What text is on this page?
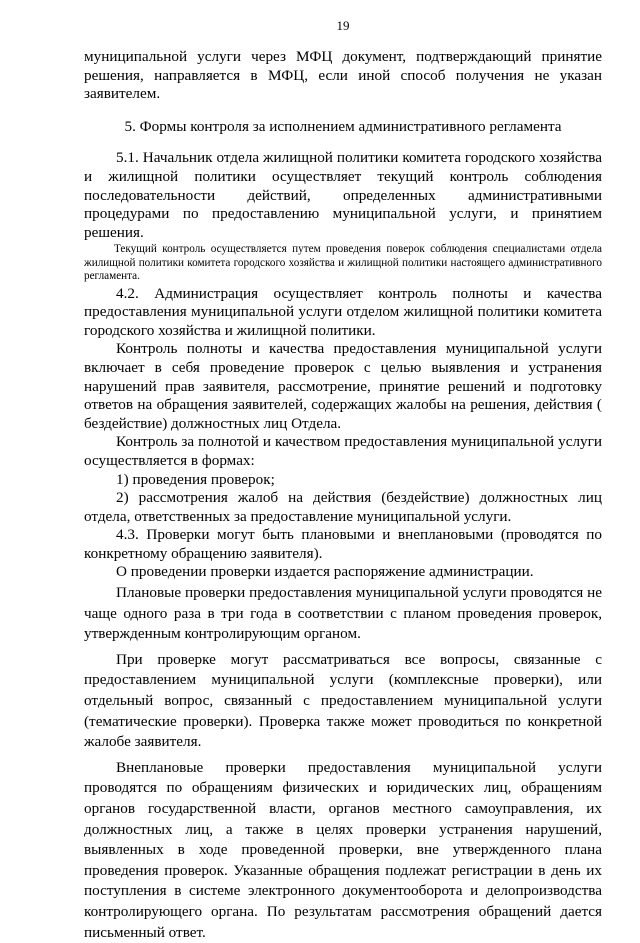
19

муниципальной услуги через МФЦ документ, подтверждающий принятие решения, направляется в МФЦ, если иной способ получения не указан заявителем.

5. Формы контроля за исполнением административного регламента

5.1. Начальник отдела жилищной политики комитета городского хозяйства и жилищной политики осуществляет текущий контроль соблюдения последовательности действий, определенных административными процедурами по предоставлению муниципальной услуги, и принятием решения.

Текущий контроль осуществляется путем проведения поверок соблюдения специалистами отдела жилищной политики комитета городского хозяйства и жилищной политики настоящего административного регламента.

4.2. Администрация осуществляет контроль полноты и качества предоставления муниципальной услуги отделом жилищной политики комитета городского хозяйства и жилищной политики.

Контроль полноты и качества предоставления муниципальной услуги включает в себя проведение проверок с целью выявления и устранения нарушений прав заявителя, рассмотрение, принятие решений и подготовку ответов на обращения заявителей, содержащих жалобы на решения, действия ( бездействие) должностных лиц Отдела.

Контроль за полнотой и качеством предоставления муниципальной услуги осуществляется в формах:

1) проведения проверок;

2) рассмотрения жалоб на действия (бездействие) должностных лиц отдела, ответственных за предоставление муниципальной услуги.

4.3. Проверки могут быть плановыми и внеплановыми (проводятся по конкретному обращению заявителя).

О проведении проверки издается распоряжение администрации.

Плановые проверки предоставления муниципальной услуги проводятся не чаще одного раза в три года в соответствии с планом проведения проверок, утвержденным контролирующим органом.

При проверке могут рассматриваться все вопросы, связанные с предоставлением муниципальной услуги (комплексные проверки), или отдельный вопрос, связанный с предоставлением муниципальной услуги (тематические проверки). Проверка также может проводиться по конкретной жалобе заявителя.

Внеплановые проверки предоставления муниципальной услуги проводятся по обращениям физических и юридических лиц, обращениям органов государственной власти, органов местного самоуправления, их должностных лиц, а также в целях проверки устранения нарушений, выявленных в ходе проведенной проверки, вне утвержденного плана проведения проверок. Указанные обращения подлежат регистрации в день их поступления в системе электронного документооборота и делопроизводства контролирующего органа. По результатам рассмотрения обращений дается письменный ответ.
